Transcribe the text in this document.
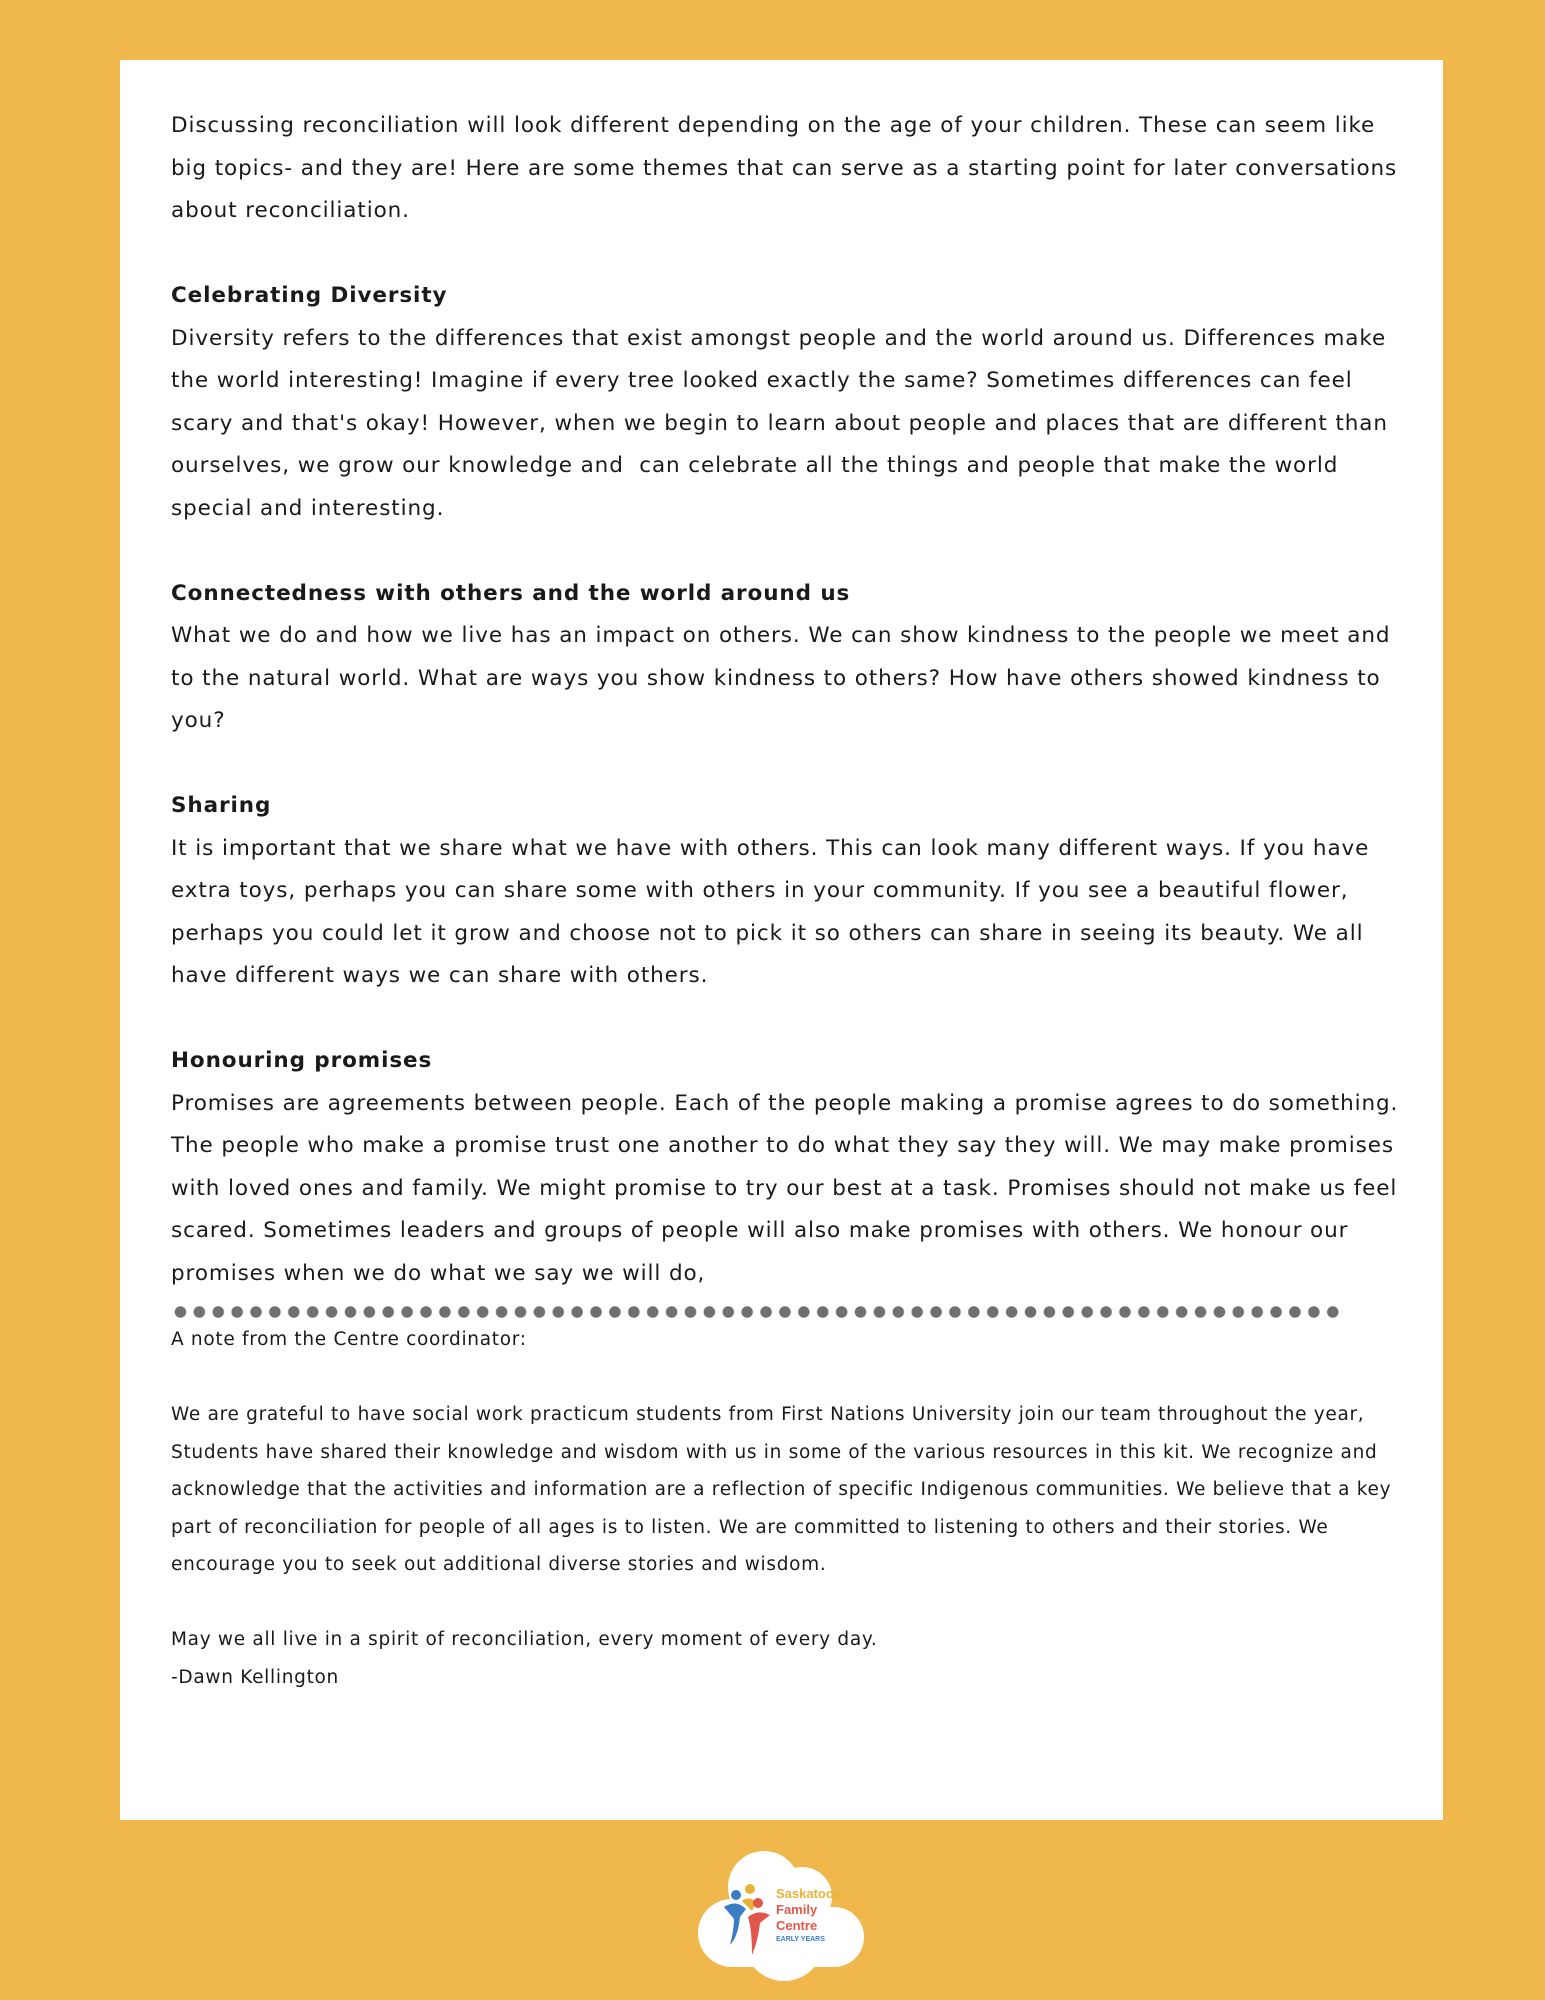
Discussing reconciliation will look different depending on the age of your children. These can seem like big topics- and they are! Here are some themes that can serve as a starting point for later conversations about reconciliation.

Celebrating Diversity

Diversity refers to the differences that exist amongst people and the world around us. Differences make the world interesting! Imagine if every tree looked exactly the same? Sometimes differences can feel scary and that's okay! However, when we begin to learn about people and places that are different than ourselves, we grow our knowledge and  can celebrate all the things and people that make the world special and interesting.

Connectedness with others and the world around us

What we do and how we live has an impact on others. We can show kindness to the people we meet and to the natural world. What are ways you show kindness to others? How have others showed kindness to you?

Sharing

It is important that we share what we have with others. This can look many different ways. If you have extra toys, perhaps you can share some with others in your community. If you see a beautiful flower, perhaps you could let it grow and choose not to pick it so others can share in seeing its beauty. We all have different ways we can share with others.

Honouring promises

Promises are agreements between people. Each of the people making a promise agrees to do something. The people who make a promise trust one another to do what they say they will. We may make promises with loved ones and family. We might promise to try our best at a task. Promises should not make us feel scared. Sometimes leaders and groups of people will also make promises with others. We honour our promises when we do what we say we will do,

A note from the Centre coordinator:

We are grateful to have social work practicum students from First Nations University join our team throughout the year, Students have shared their knowledge and wisdom with us in some of the various resources in this kit. We recognize and acknowledge that the activities and information are a reflection of specific Indigenous communities. We believe that a key part of reconciliation for people of all ages is to listen. We are committed to listening to others and their stories. We encourage you to seek out additional diverse stories and wisdom.

May we all live in a spirit of reconciliation, every moment of every day.

-Dawn Kellington

Saskatoon
Family
Centre
EARLY YEARS
